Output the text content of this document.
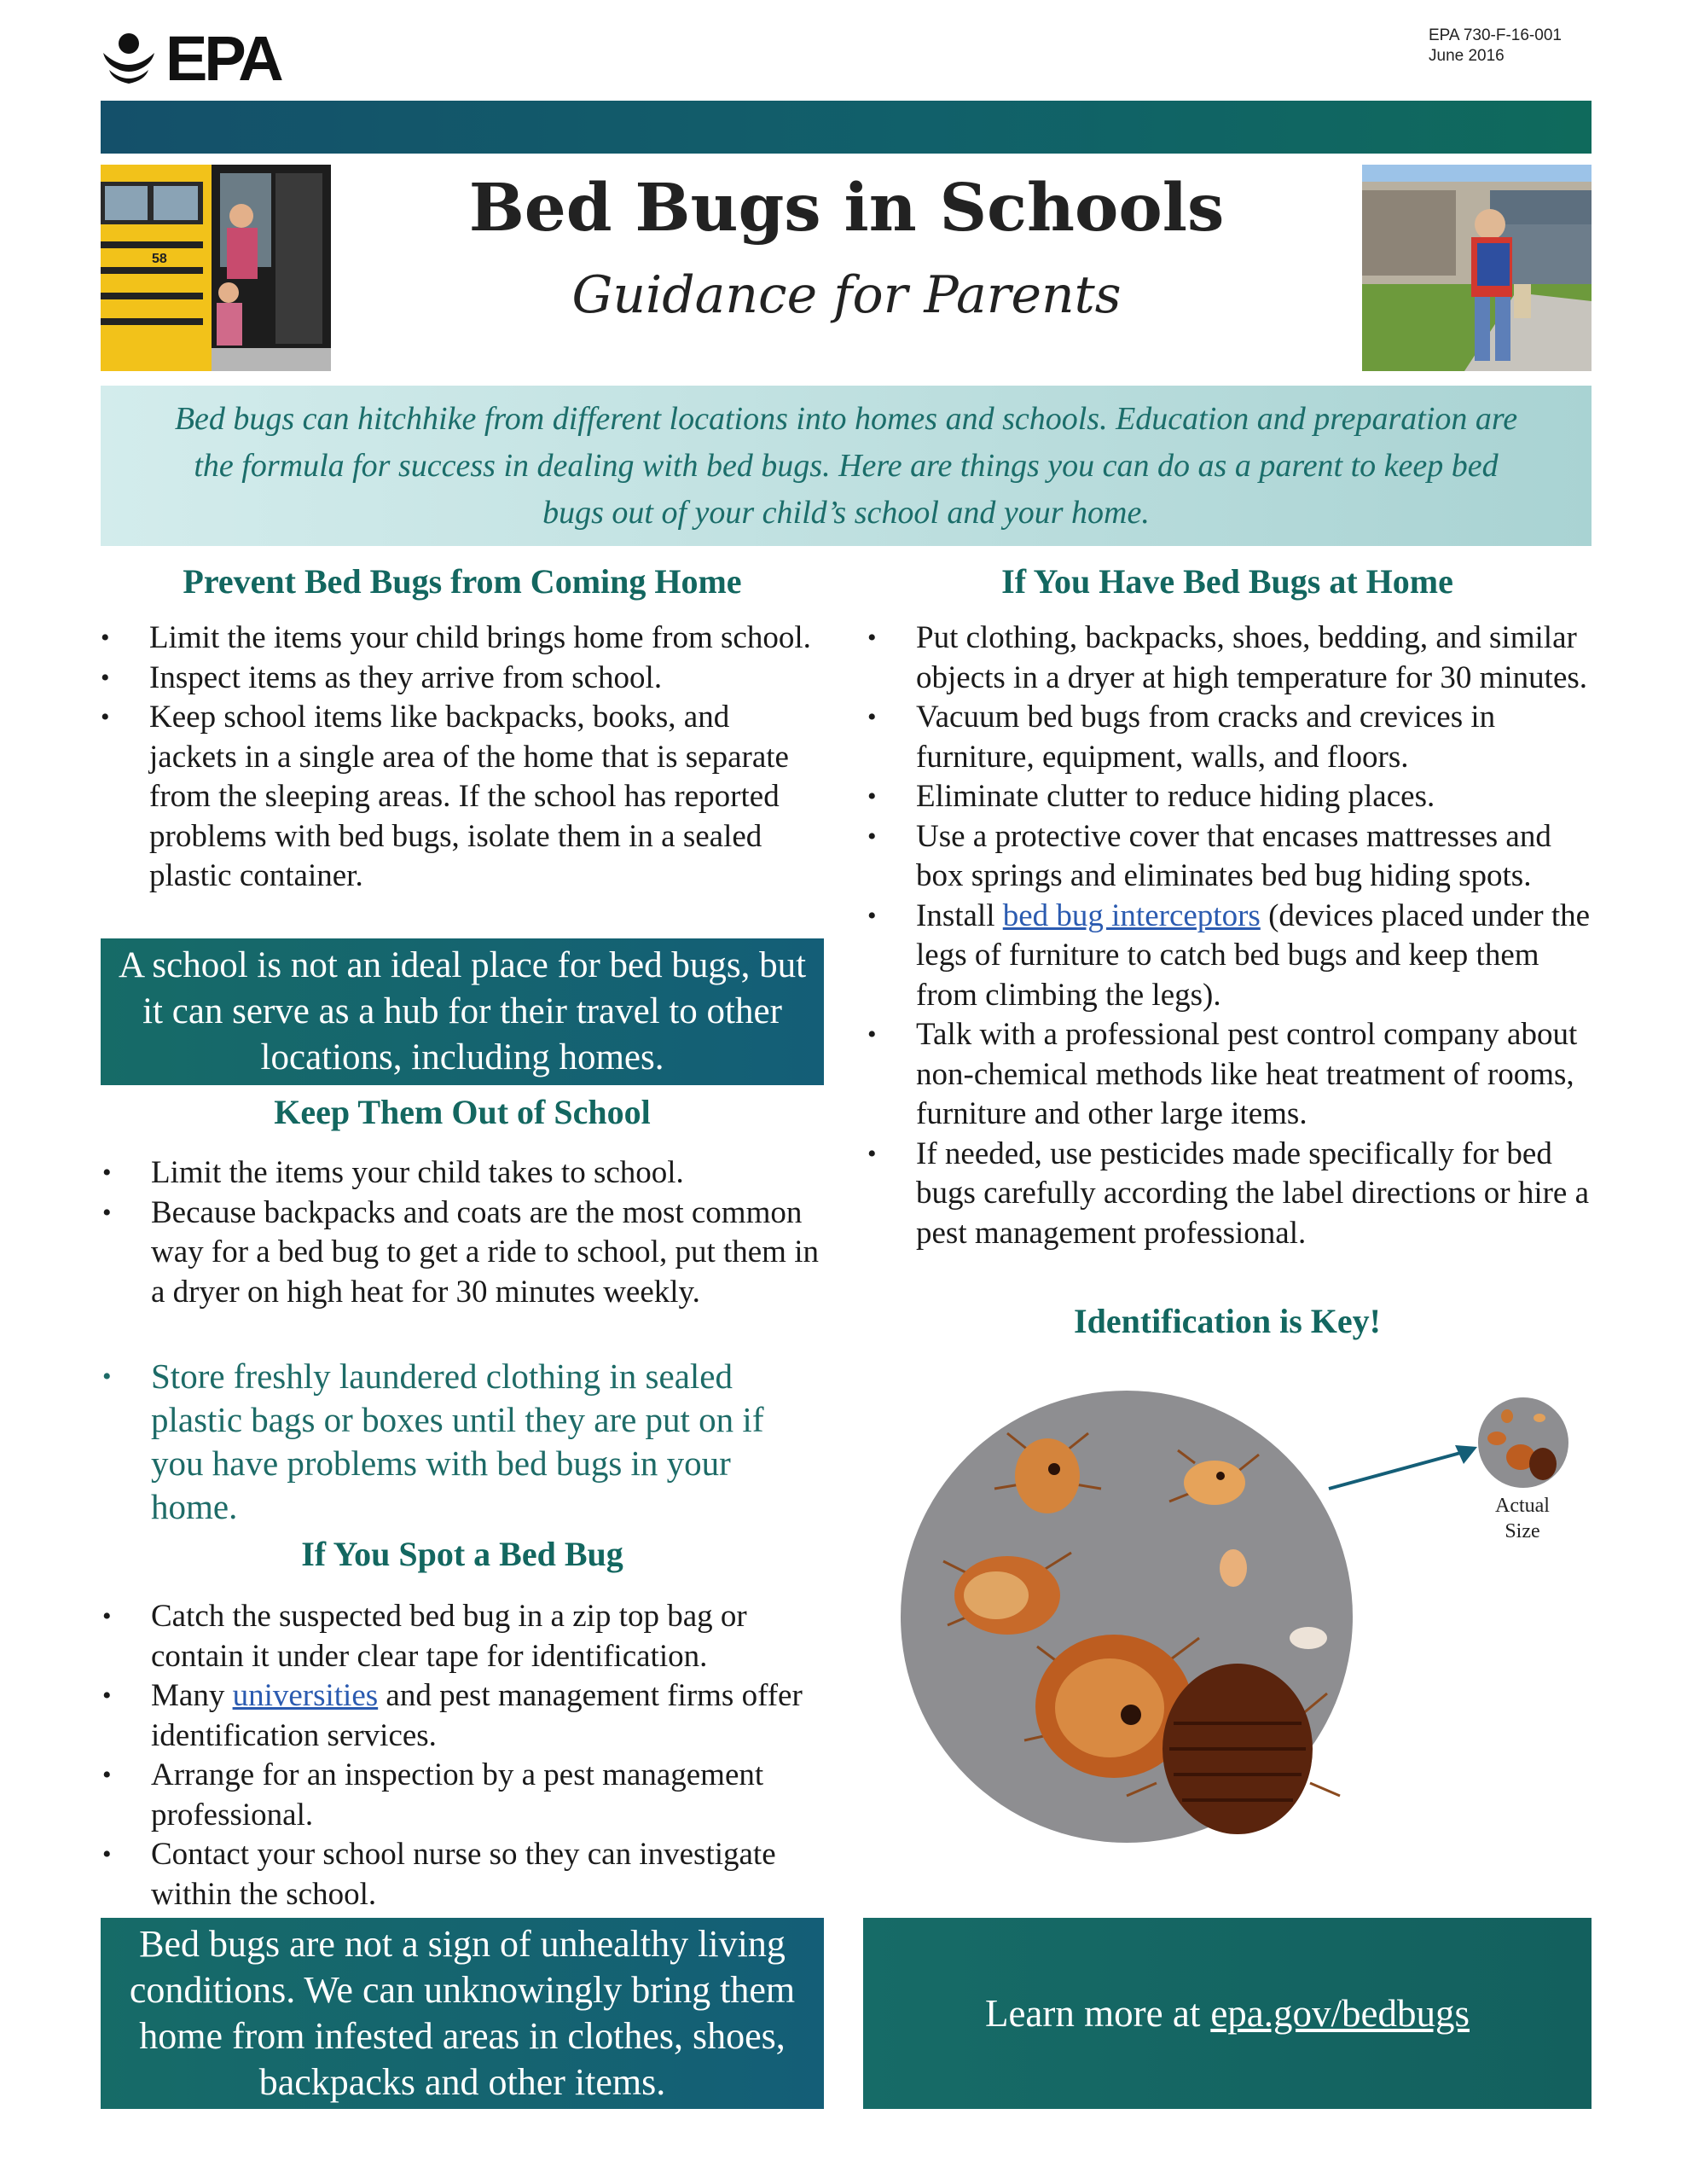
EPA	EPA 730-F-16-001
June 2016
58
Bed Bugs in Schools
Guidance for Parents

Bed bugs can hitchhike from different locations into homes and schools. Education and preparation are the formula for success in dealing with bed bugs. Here are things you can do as a parent to keep bed bugs out of your child’s school and your home.

Prevent Bed Bugs from Coming Home
• Limit the items your child brings home from school.
• Inspect items as they arrive from school.
• Keep school items like backpacks, books, and jackets in a single area of the home that is separate from the sleeping areas. If the school has reported problems with bed bugs, isolate them in a sealed plastic container.
A school is not an ideal place for bed bugs, but it can serve as a hub for their travel to other locations, including homes.
Keep Them Out of School
• Limit the items your child takes to school.
• Because backpacks and coats are the most common way for a bed bug to get a ride to school, put them in a dryer on high heat for 30 minutes weekly.
• Store freshly laundered clothing in sealed plastic bags or boxes until they are put on if you have problems with bed bugs in your home.
If You Spot a Bed Bug
• Catch the suspected bed bug in a zip top bag or contain it under clear tape for identification.
• Many universities and pest management firms offer identification services.
• Arrange for an inspection by a pest management professional.
• Contact your school nurse so they can investigate within the school.
Bed bugs are not a sign of unhealthy living conditions. We can unknowingly bring them home from infested areas in clothes, shoes, backpacks and other items.
If You Have Bed Bugs at Home
• Put clothing, backpacks, shoes, bedding, and similar objects in a dryer at high temperature for 30 minutes.
• Vacuum bed bugs from cracks and crevices in furniture, equipment, walls, and floors.
• Eliminate clutter to reduce hiding places.
• Use a protective cover that encases mattresses and box springs and eliminates bed bug hiding spots.
• Install bed bug interceptors (devices placed under the legs of furniture to catch bed bugs and keep them from climbing the legs).
• Talk with a professional pest control company about non-chemical methods like heat treatment of rooms, furniture and other large items.
• If needed, use pesticides made specifically for bed bugs carefully according the label directions or hire a pest management professional.
Identification is Key!
Actual
Size
Learn more at epa.gov/bedbugs
